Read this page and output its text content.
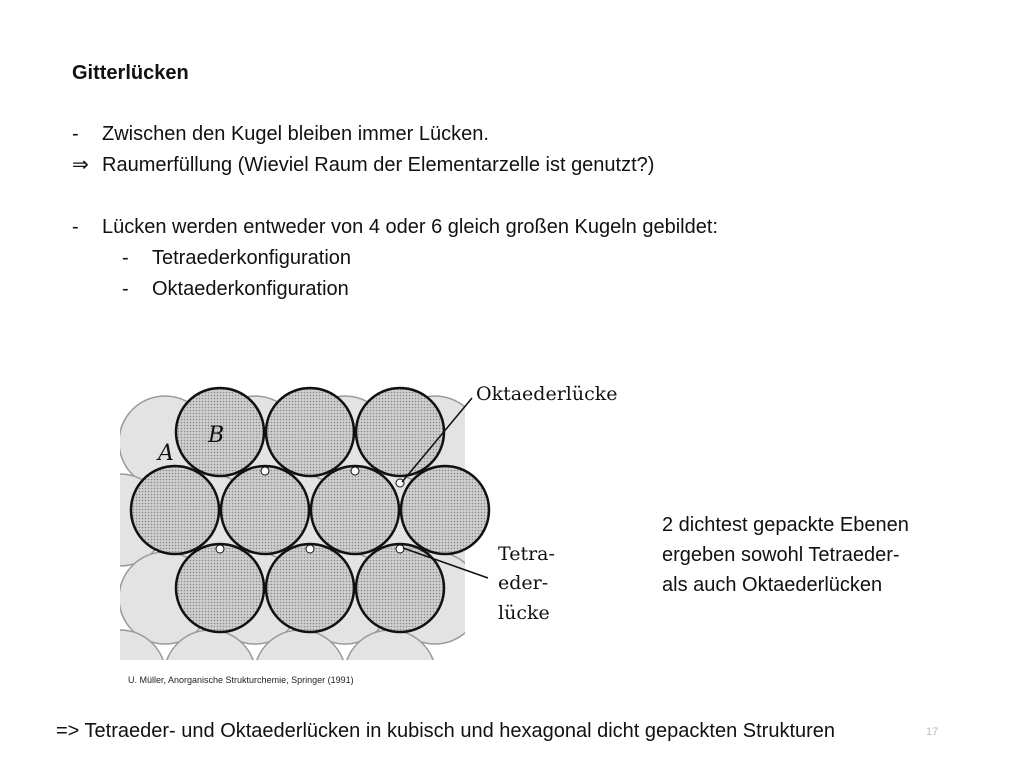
Gitterlücken
- Zwischen den Kugel bleiben immer Lücken.
⇒ Raumerfüllung (Wieviel Raum der Elementarzelle ist genutzt?)
- Lücken werden entweder von 4 oder 6 gleich großen Kugeln gebildet:
- Tetraederkonfiguration
- Oktaederkonfiguration
A
B
Oktaederlücke
Tetra-
eder-
lücke
U. Müller, Anorganische Strukturchemie, Springer (1991)
2 dichtest gepackte Ebenen
ergeben sowohl Tetraeder-
als auch Oktaederlücken
=> Tetraeder- und Oktaederlücken in kubisch und hexagonal dicht gepackten Strukturen	17
